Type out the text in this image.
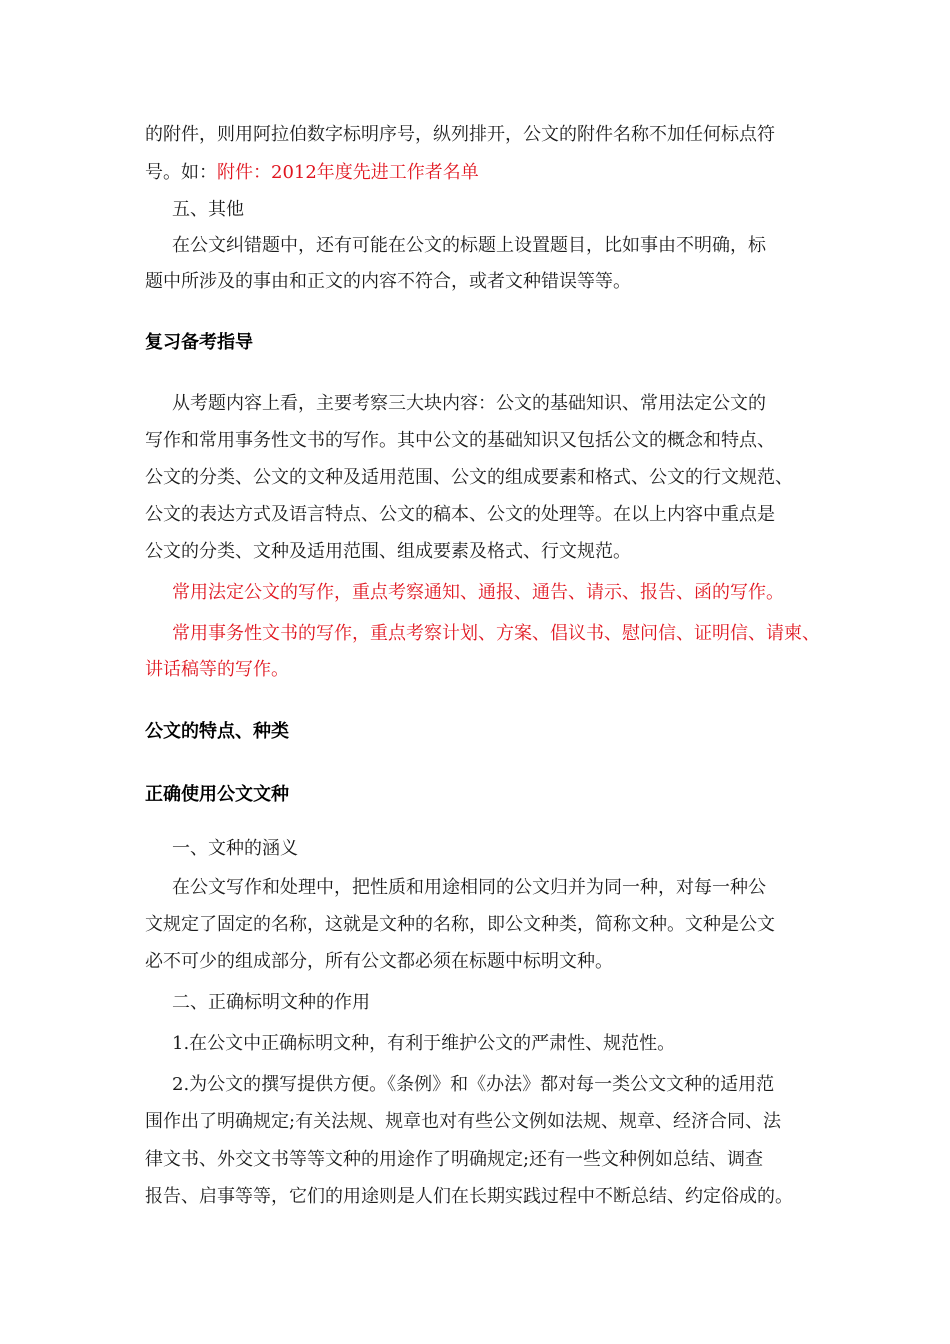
的附件，则用阿拉伯数字标明序号，纵列排开，公文的附件名称不加任何标点符
号。如：附件：2012年度先进工作者名单
五、其他
在公文纠错题中，还有可能在公文的标题上设置题目，比如事由不明确，标
题中所涉及的事由和正文的内容不符合，或者文种错误等等。
复习备考指导
从考题内容上看，主要考察三大块内容：公文的基础知识、常用法定公文的
写作和常用事务性文书的写作。其中公文的基础知识又包括公文的概念和特点、
公文的分类、公文的文种及适用范围、公文的组成要素和格式、公文的行文规范、
公文的表达方式及语言特点、公文的稿本、公文的处理等。在以上内容中重点是
公文的分类、文种及适用范围、组成要素及格式、行文规范。
常用法定公文的写作，重点考察通知、通报、通告、请示、报告、函的写作。
常用事务性文书的写作，重点考察计划、方案、倡议书、慰问信、证明信、请柬、
讲话稿等的写作。
公文的特点、种类
正确使用公文文种
一、文种的涵义
在公文写作和处理中，把性质和用途相同的公文归并为同一种，对每一种公
文规定了固定的名称，这就是文种的名称，即公文种类，简称文种。文种是公文
必不可少的组成部分，所有公文都必须在标题中标明文种。
二、正确标明文种的作用
1.在公文中正确标明文种，有利于维护公文的严肃性、规范性。
2.为公文的撰写提供方便。《条例》和《办法》都对每一类公文文种的适用范
围作出了明确规定;有关法规、规章也对有些公文例如法规、规章、经济合同、法
律文书、外交文书等等文种的用途作了明确规定;还有一些文种例如总结、调查
报告、启事等等，它们的用途则是人们在长期实践过程中不断总结、约定俗成的。
